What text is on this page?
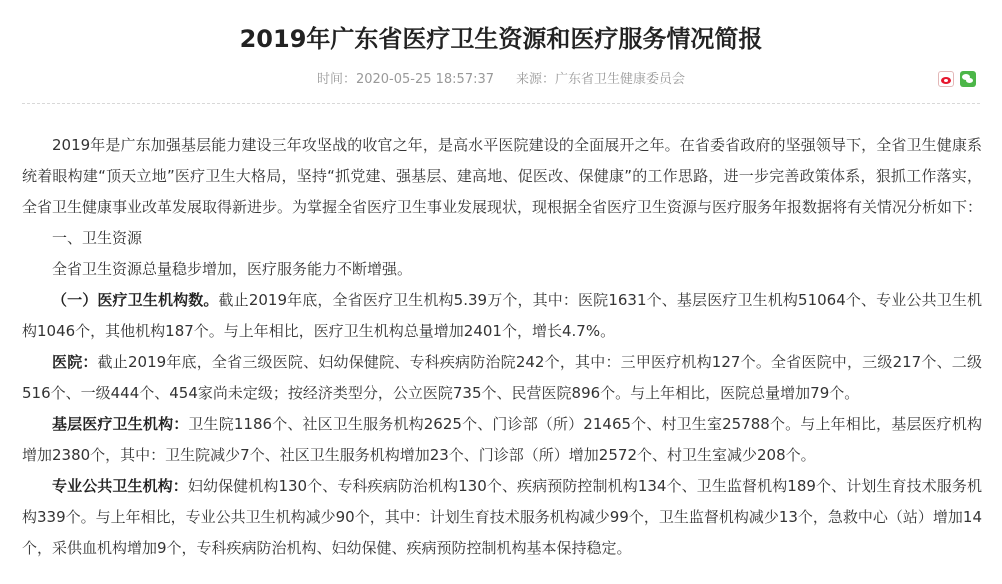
2019年广东省医疗卫生资源和医疗服务情况简报
时间：2020-05-25 18:57:37 来源：广东省卫生健康委员会

2019年是广东加强基层能力建设三年攻坚战的收官之年，是高水平医院建设的全面展开之年。在省委省政府的坚强领导下，全省卫生健康系统着眼构建“顶天立地”医疗卫生大格局，坚持“抓党建、强基层、建高地、促医改、保健康”的工作思路，进一步完善政策体系，狠抓工作落实，全省卫生健康事业改革发展取得新进步。为掌握全省医疗卫生事业发展现状，现根据全省医疗卫生资源与医疗服务年报数据将有关情况分析如下：

一、卫生资源

全省卫生资源总量稳步增加，医疗服务能力不断增强。

（一）医疗卫生机构数。截止2019年底，全省医疗卫生机构5.39万个，其中：医院1631个、基层医疗卫生机构51064个、专业公共卫生机构1046个，其他机构187个。与上年相比，医疗卫生机构总量增加2401个，增长4.7%。

医院：截止2019年底，全省三级医院、妇幼保健院、专科疾病防治院242个，其中：三甲医疗机构127个。全省医院中，三级217个、二级516个、一级444个、454家尚未定级；按经济类型分，公立医院735个、民营医院896个。与上年相比，医院总量增加79个。

基层医疗卫生机构：卫生院1186个、社区卫生服务机构2625个、门诊部（所）21465个、村卫生室25788个。与上年相比，基层医疗机构增加2380个，其中：卫生院减少7个、社区卫生服务机构增加23个、门诊部（所）增加2572个、村卫生室减少208个。

专业公共卫生机构：妇幼保健机构130个、专科疾病防治机构130个、疾病预防控制机构134个、卫生监督机构189个、计划生育技术服务机构339个。与上年相比，专业公共卫生机构减少90个，其中：计划生育技术服务机构减少99个，卫生监督机构减少13个，急救中心（站）增加14个，采供血机构增加9个，专科疾病防治机构、妇幼保健、疾病预防控制机构基本保持稳定。
